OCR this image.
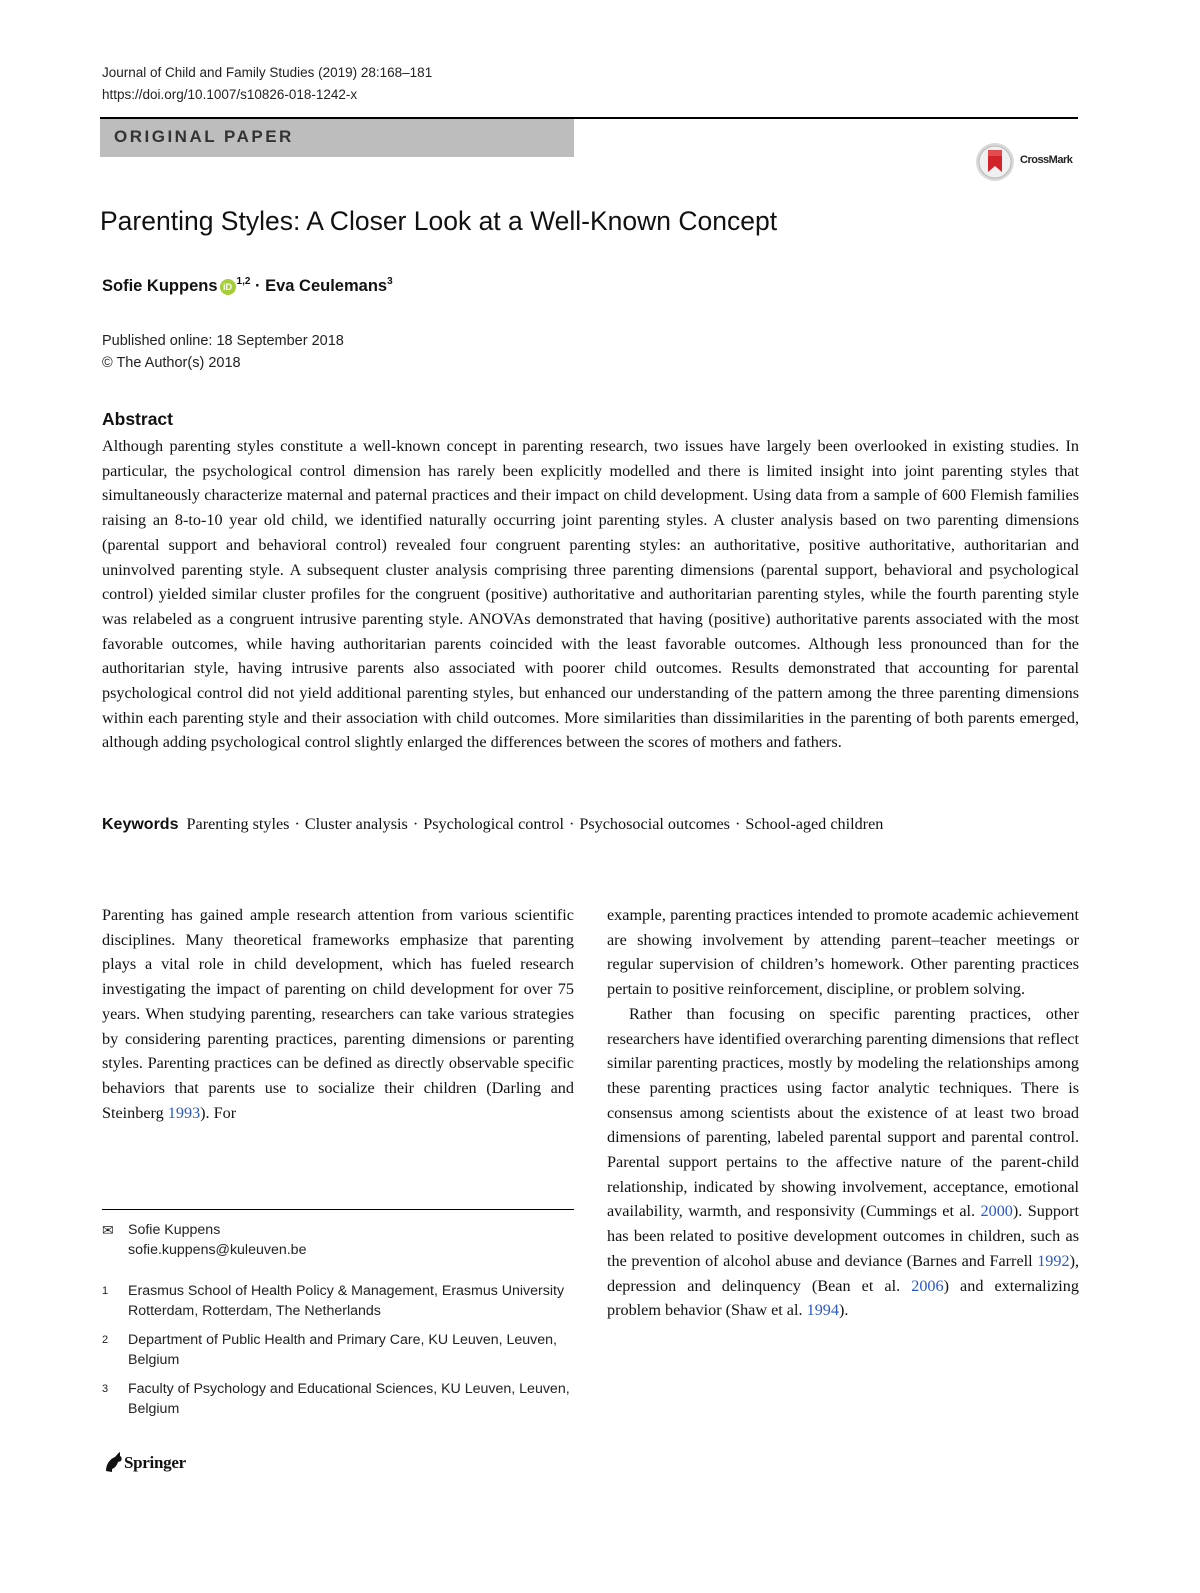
Journal of Child and Family Studies (2019) 28:168–181
https://doi.org/10.1007/s10826-018-1242-x
ORIGINAL PAPER
CrossMark
Parenting Styles: A Closer Look at a Well-Known Concept
Sofie Kuppens iD $^{1,2}$ · Eva Ceulemans$^3$
Published online: 18 September 2018
© The Author(s) 2018
Abstract
Although parenting styles constitute a well-known concept in parenting research, two issues have largely been overlooked in existing studies. In particular, the psychological control dimension has rarely been explicitly modelled and there is limited insight into joint parenting styles that simultaneously characterize maternal and paternal practices and their impact on child development. Using data from a sample of 600 Flemish families raising an 8-to-10 year old child, we identified naturally occurring joint parenting styles. A cluster analysis based on two parenting dimensions (parental support and behavioral control) revealed four congruent parenting styles: an authoritative, positive authoritative, authoritarian and uninvolved parenting style. A subsequent cluster analysis comprising three parenting dimensions (parental support, behavioral and psychological control) yielded similar cluster profiles for the congruent (positive) authoritative and authoritarian parenting styles, while the fourth parenting style was relabeled as a congruent intrusive parenting style. ANOVAs demonstrated that having (positive) authoritative parents associated with the most favorable outcomes, while having authoritarian parents coincided with the least favorable outcomes. Although less pronounced than for the authoritarian style, having intrusive parents also associated with poorer child outcomes. Results demonstrated that accounting for parental psychological control did not yield additional parenting styles, but enhanced our understanding of the pattern among the three parenting dimensions within each parenting style and their association with child outcomes. More similarities than dissimilarities in the parenting of both parents emerged, although adding psychological control slightly enlarged the differences between the scores of mothers and fathers.
Keywords Parenting styles · Cluster analysis · Psychological control · Psychosocial outcomes · School-aged children

Parenting has gained ample research attention from various scientific disciplines. Many theoretical frameworks emphasize that parenting plays a vital role in child development, which has fueled research investigating the impact of parenting on child development for over 75 years. When studying parenting, researchers can take various strategies by considering parenting practices, parenting dimensions or parenting styles. Parenting practices can be defined as directly observable specific behaviors that parents use to socialize their children (Darling and Steinberg 1993). For

example, parenting practices intended to promote academic achievement are showing involvement by attending parent–teacher meetings or regular supervision of children’s homework. Other parenting practices pertain to positive reinforcement, discipline, or problem solving.

Rather than focusing on specific parenting practices, other researchers have identified overarching parenting dimensions that reflect similar parenting practices, mostly by modeling the relationships among these parenting practices using factor analytic techniques. There is consensus among scientists about the existence of at least two broad dimensions of parenting, labeled parental support and parental control. Parental support pertains to the affective nature of the parent-child relationship, indicated by showing involvement, acceptance, emotional availability, warmth, and responsivity (Cummings et al. 2000). Support has been related to positive development outcomes in children, such as the prevention of alcohol abuse and deviance (Barnes and Farrell 1992), depression and delinquency (Bean et al. 2006) and externalizing problem behavior (Shaw et al. 1994).

✉ Sofie Kuppens
sofie.kuppens@kuleuven.be
1 Erasmus School of Health Policy & Management, Erasmus University Rotterdam, Rotterdam, The Netherlands
2 Department of Public Health and Primary Care, KU Leuven, Leuven, Belgium
3 Faculty of Psychology and Educational Sciences, KU Leuven, Leuven, Belgium
Springer
